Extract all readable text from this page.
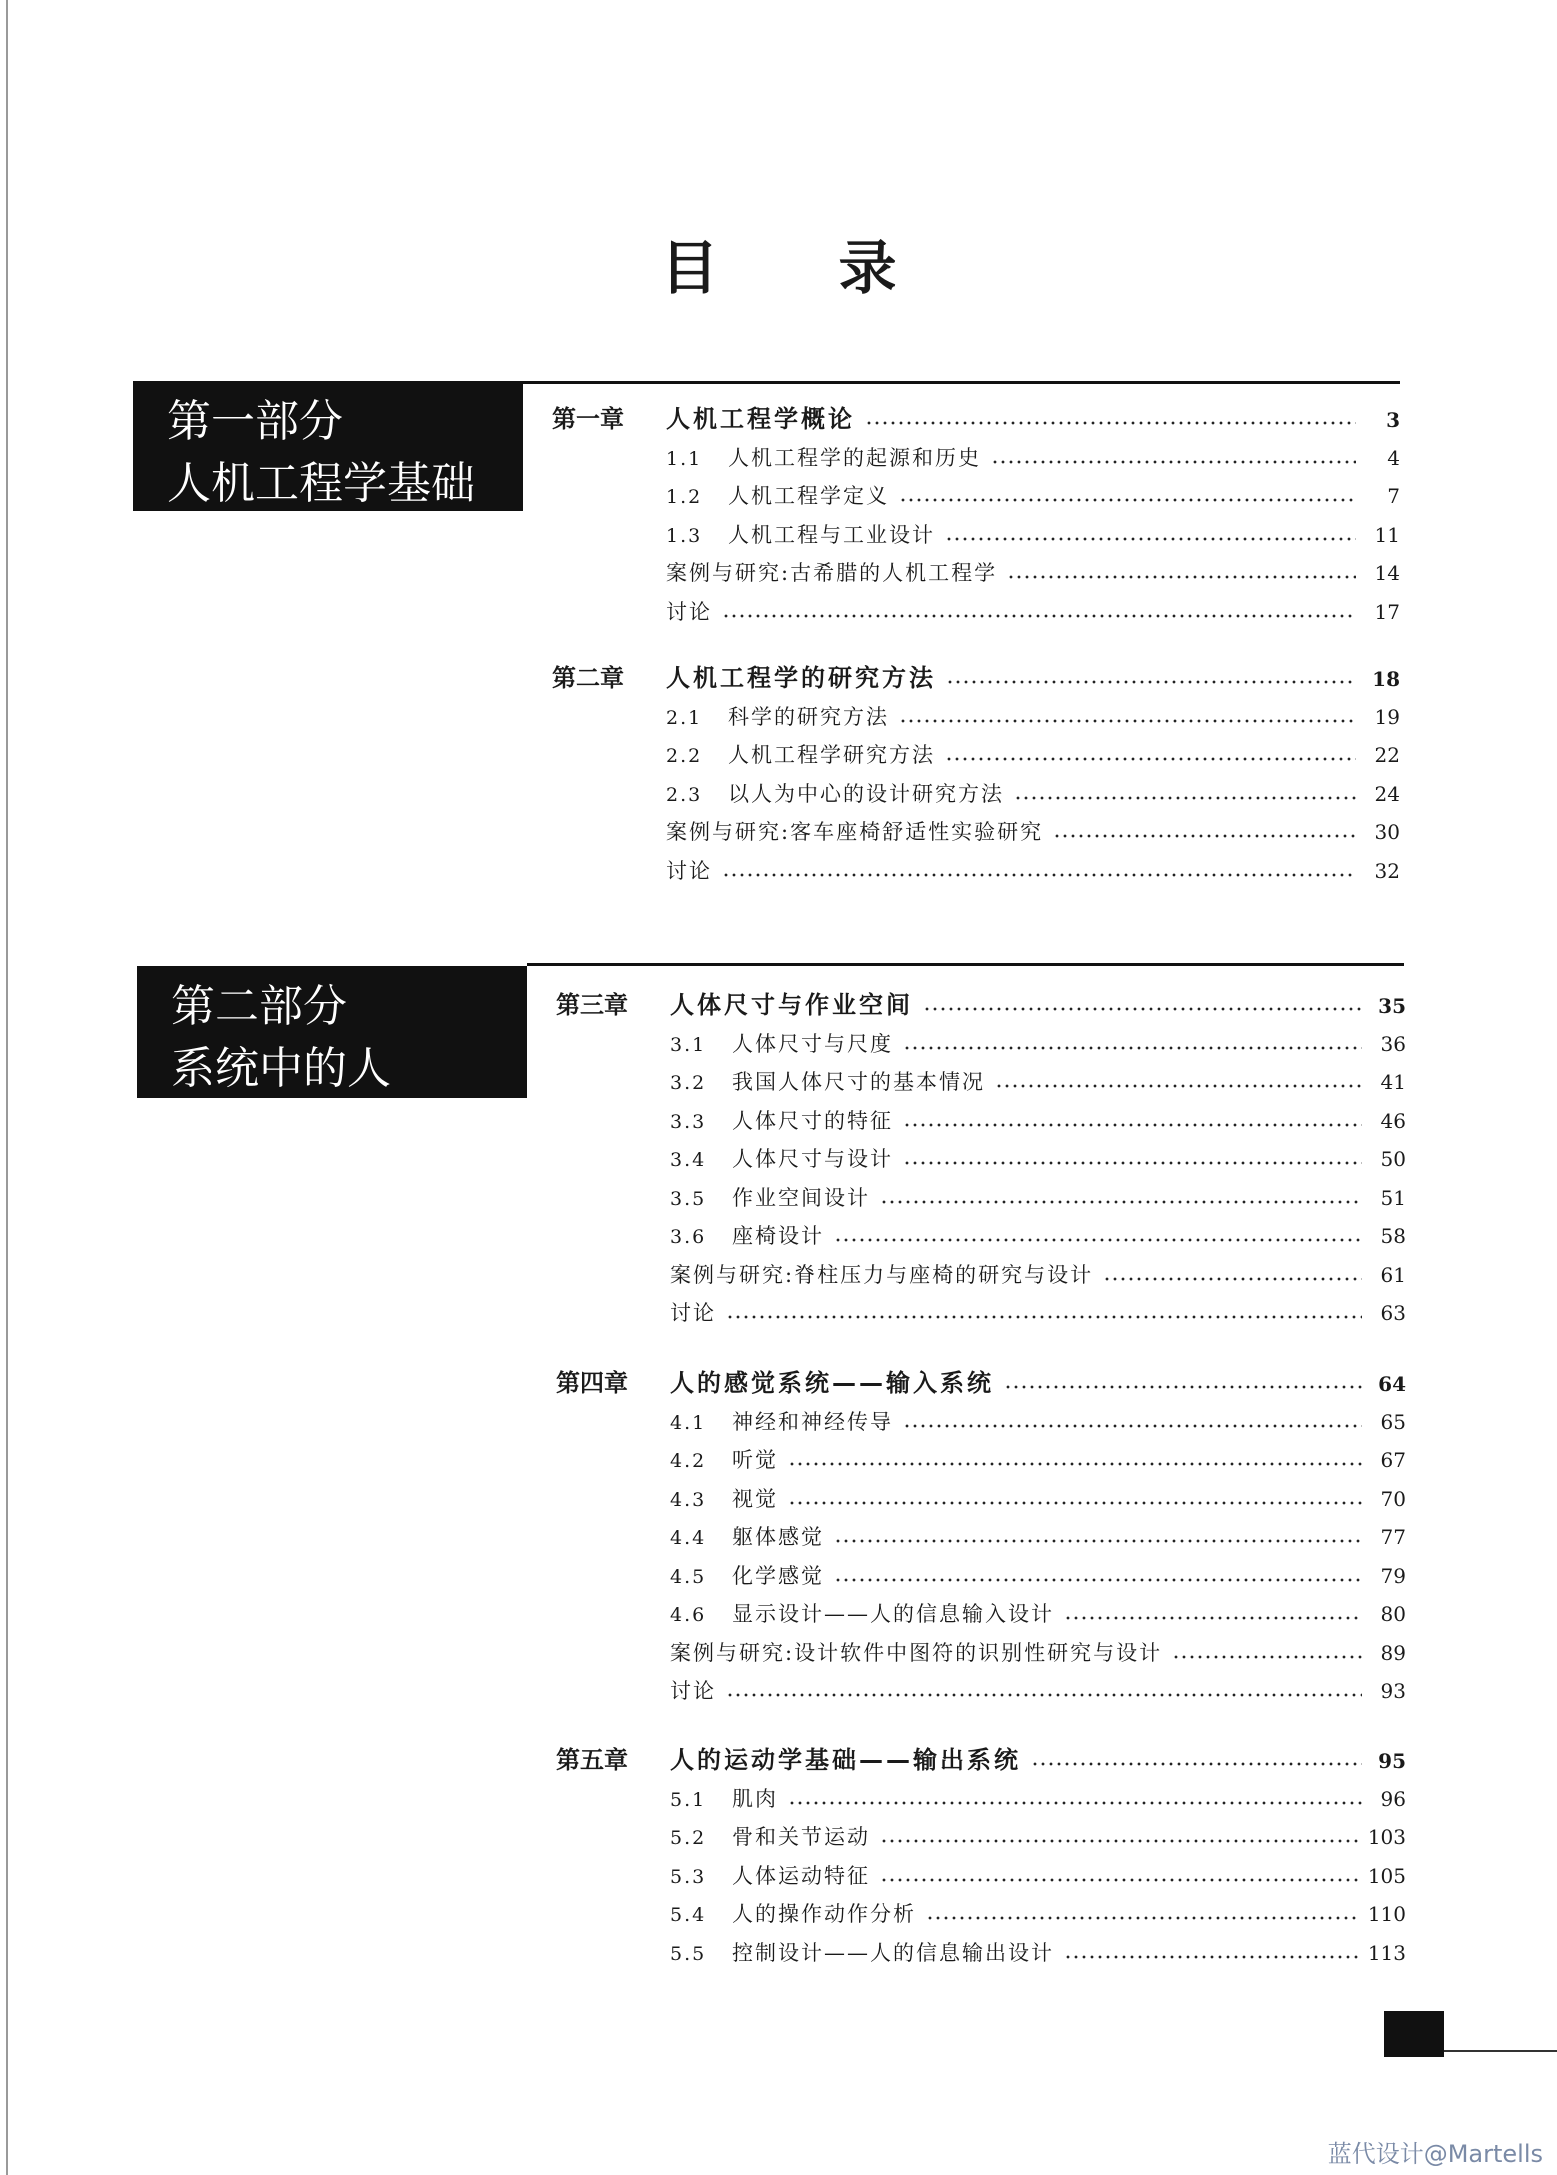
目录
第一部分
人机工程学基础
第二部分
系统中的人
第一章	人机工程学概论	3
1.1	人机工程学的起源和历史	4
1.2	人机工程学定义	7
1.3	人机工程与工业设计	11
案例与研究:古希腊的人机工程学	14
讨论	17
第二章	人机工程学的研究方法	18
2.1	科学的研究方法	19
2.2	人机工程学研究方法	22
2.3	以人为中心的设计研究方法	24
案例与研究:客车座椅舒适性实验研究	30
讨论	32
第三章	人体尺寸与作业空间	35
3.1	人体尺寸与尺度	36
3.2	我国人体尺寸的基本情况	41
3.3	人体尺寸的特征	46
3.4	人体尺寸与设计	50
3.5	作业空间设计	51
3.6	座椅设计	58
案例与研究:脊柱压力与座椅的研究与设计	61
讨论	63
第四章	人的感觉系统——输入系统	64
4.1	神经和神经传导	65
4.2	听觉	67
4.3	视觉	70
4.4	躯体感觉	77
4.5	化学感觉	79
4.6	显示设计——人的信息输入设计	80
案例与研究:设计软件中图符的识别性研究与设计	89
讨论	93
第五章	人的运动学基础——输出系统	95
5.1	肌肉	96
5.2	骨和关节运动	103
5.3	人体运动特征	105
5.4	人的操作动作分析	110
5.5	控制设计——人的信息输出设计	113
蓝代设计@Martells
